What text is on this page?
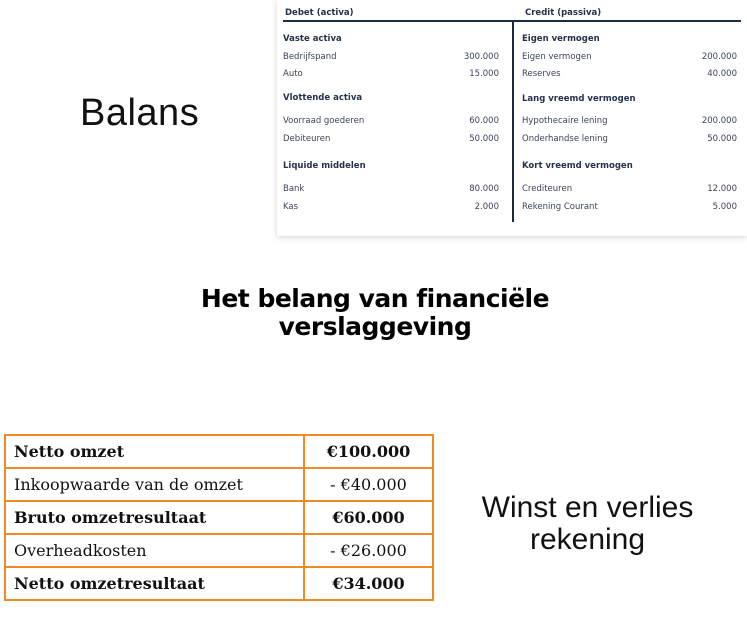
Balans
Debet (activa)	Credit (passiva)
Vaste activa
Bedrijfspand	300.000
Auto	15.000
Vlottende activa
Voorraad goederen	60.000
Debiteuren	50.000
Liquide middelen
Bank	80.000
Kas	2.000
Eigen vermogen
Eigen vermogen	200.000
Reserves	40.000
Lang vreemd vermogen
Hypothecaire lening	200.000
Onderhandse lening	50.000
Kort vreemd vermogen
Crediteuren	12.000
Rekening Courant	5.000
Het belang van financiële
verslaggeving
Netto omzet	€100.000
Inkoopwaarde van de omzet	- €40.000
Bruto omzetresultaat	€60.000
Overheadkosten	- €26.000
Netto omzetresultaat	€34.000
Winst en verlies
rekening
